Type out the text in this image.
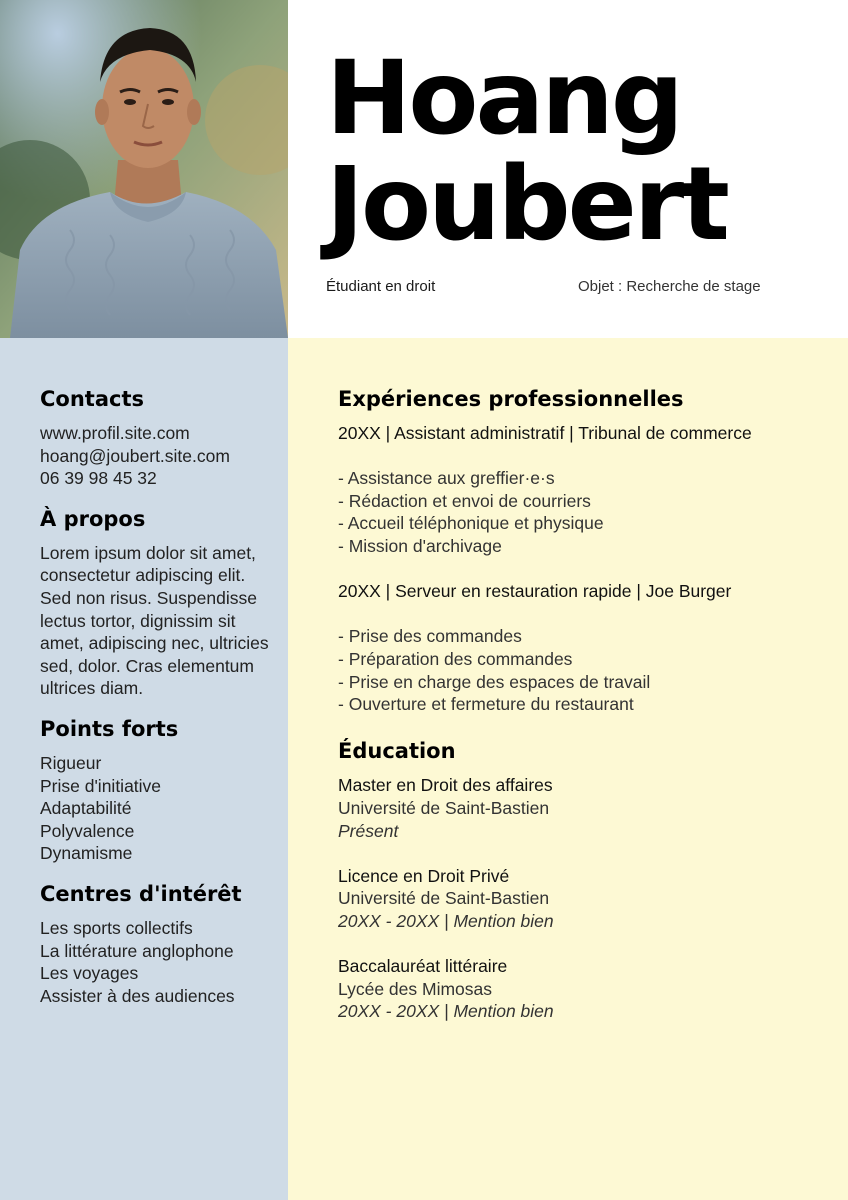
Hoang
Joubert
Étudiant en droit	Objet : Recherche de stage
Contacts
www.profil.site.com
hoang@joubert.site.com
06 39 98 45 32
À propos

Lorem ipsum dolor sit amet, consectetur adipiscing elit. Sed non risus. Suspendisse lectus tortor, dignissim sit amet, adipiscing nec, ultricies sed, dolor. Cras elementum ultrices diam.

Points forts
Rigueur
Prise d'initiative
Adaptabilité
Polyvalence
Dynamisme
Centres d'intérêt
Les sports collectifs
La littérature anglophone
Les voyages
Assister à des audiences
Expériences professionnelles

20XX | Assistant administratif | Tribunal de commerce

- Assistance aux greffier·e·s
- Rédaction et envoi de courriers
- Accueil téléphonique et physique
- Mission d'archivage

20XX | Serveur en restauration rapide | Joe Burger

- Prise des commandes
- Préparation des commandes
- Prise en charge des espaces de travail
- Ouverture et fermeture du restaurant
Éducation
Master en Droit des affaires
Université de Saint-Bastien
Présent
Licence en Droit Privé
Université de Saint-Bastien
20XX - 20XX | Mention bien
Baccalauréat littéraire
Lycée des Mimosas
20XX - 20XX | Mention bien
